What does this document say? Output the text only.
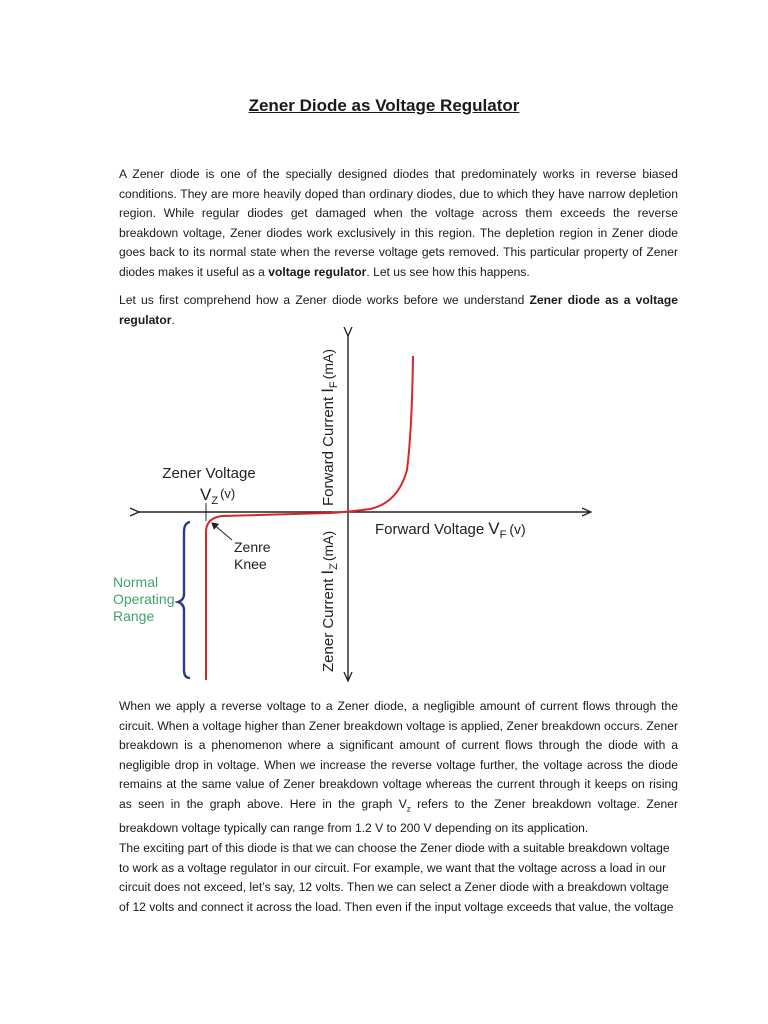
Zener Diode as Voltage Regulator

A Zener diode is one of the specially designed diodes that predominately works in reverse biased conditions. They are more heavily doped than ordinary diodes, due to which they have narrow depletion region. While regular diodes get damaged when the voltage across them exceeds the reverse breakdown voltage, Zener diodes work exclusively in this region. The depletion region in Zener diode goes back to its normal state when the reverse voltage gets removed. This particular property of Zener diodes makes it useful as a voltage regulator. Let us see how this happens.

Let us first comprehend how a Zener diode works before we understand Zener diode as a voltage regulator.

Zener Voltage
$V_Z$ (v)
Zenre
Knee
Normal
Operating
Range
Forward Voltage $V_F$ (v)
Forward CurrentI$_F$(mA)
Zener CurrentI$_Z$(mA)

When we apply a reverse voltage to a Zener diode, a negligible amount of current flows through the circuit. When a voltage higher than Zener breakdown voltage is applied, Zener breakdown occurs. Zener breakdown is a phenomenon where a significant amount of current flows through the diode with a negligible drop in voltage. When we increase the reverse voltage further, the voltage across the diode remains at the same value of Zener breakdown voltage whereas the current through it keeps on rising as seen in the graph above. Here in the graph $V_z$ refers to the Zener breakdown voltage. Zener breakdown voltage typically can range from 1.2 V to 200 V depending on its application.

The exciting part of this diode is that we can choose the Zener diode with a suitable breakdown voltage to work as a voltage regulator in our circuit. For example, we want that the voltage across a load in our circuit does not exceed, let’s say, 12 volts. Then we can select a Zener diode with a breakdown voltage of 12 volts and connect it across the load. Then even if the input voltage exceeds that value, the voltage
